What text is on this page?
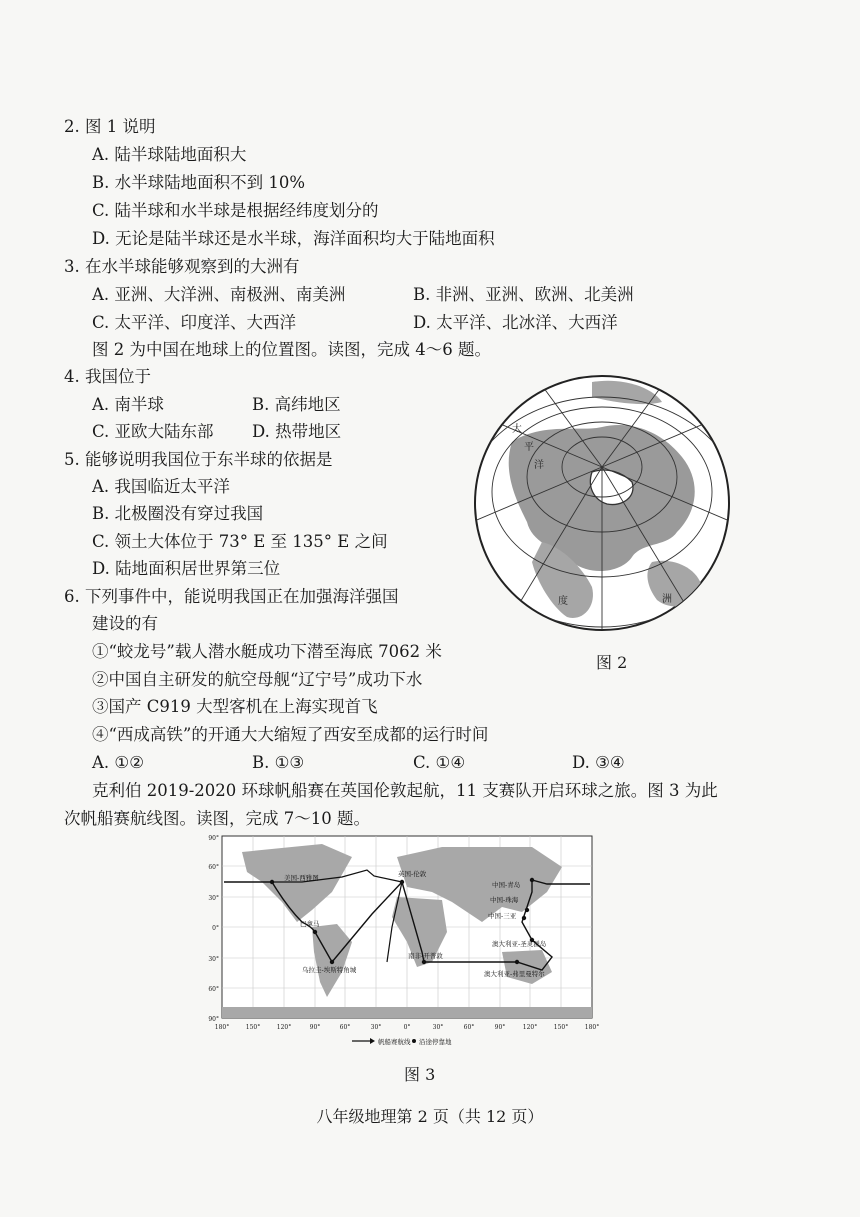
2. 图 1 说明
A. 陆半球陆地面积大
B. 水半球陆地面积不到 10%
C. 陆半球和水半球是根据经纬度划分的
D. 无论是陆半球还是水半球，海洋面积均大于陆地面积
3. 在水半球能够观察到的大洲有
A. 亚洲、大洋洲、南极洲、南美洲	B. 非洲、亚洲、欧洲、北美洲
C. 太平洋、印度洋、大西洋	D. 太平洋、北冰洋、大西洋
图 2 为中国在地球上的位置图。读图，完成 4～6 题。
4. 我国位于
A. 南半球	B. 高纬地区
C. 亚欧大陆东部 D. 热带地区
5. 能够说明我国位于东半球的依据是
A. 我国临近太平洋
B. 北极圈没有穿过我国
C. 领土大体位于 73° E 至 135° E 之间
D. 陆地面积居世界第三位
6. 下列事件中，能说明我国正在加强海洋强国
建设的有
①“蛟龙号”载人潜水艇成功下潜至海底 7062 米
②中国自主研发的航空母舰“辽宁号”成功下水
③国产 C919 大型客机在上海实现首飞
④“西成高铁”的开通大大缩短了西安至成都的运行时间
A. ①②	B. ①③	C. ①④	D. ③④
克利伯 2019-2020 环球帆船赛在英国伦敦起航，11 支赛队开启环球之旅。图 3 为此
次帆船赛航线图。读图，完成 7～10 题。
太
平
洋
度	洲
图 2
美国-西雅图	英国-伦敦
中国-青岛
中国-珠海
中国-三亚
巴拿马
澳大利亚-圣灵群岛
南非-开普敦
乌拉圭-埃斯特角城	澳大利亚-弗里曼特尔
90°
60°
30°
0°
30°
60°
90°
180°	150°	120°	90°	60°	30°	0°	30°	60°	90°	120°	150°	180°
帆船赛航线 沿途停靠地
图 3
八年级地理第 2 页（共 12 页）
